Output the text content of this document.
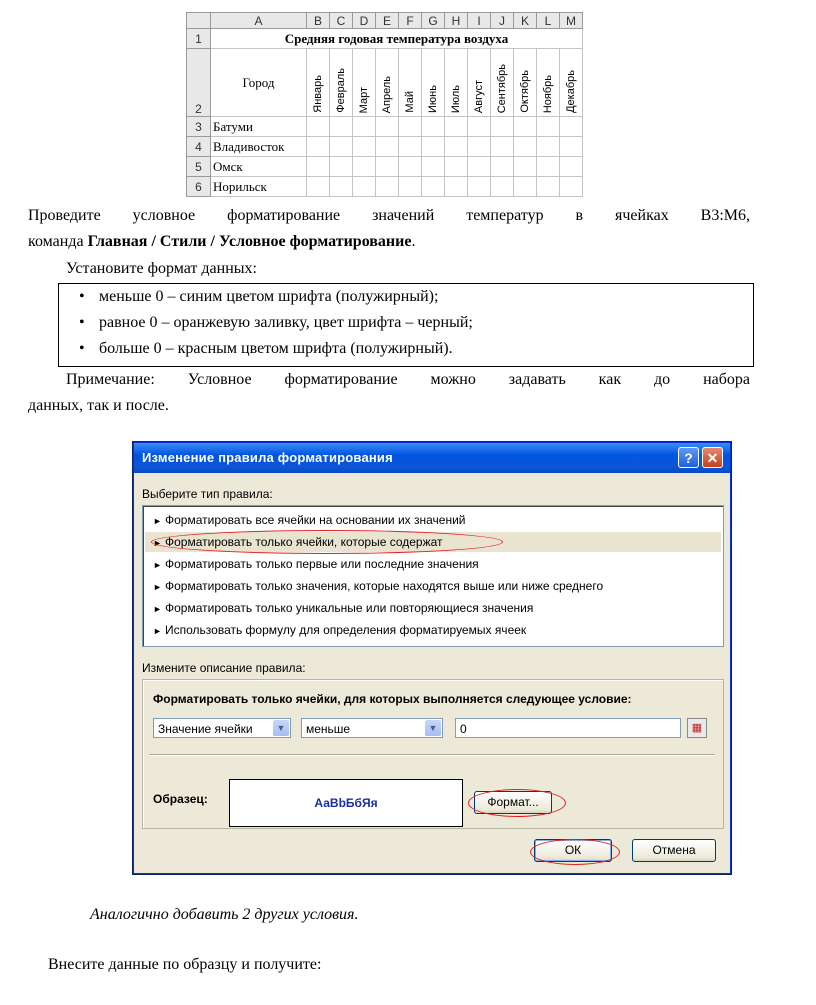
	A	B	C	D	E	F	G	H	I	J	K	L	M
1	Средняя годовая температура воздуха												
2	Город	Январь	Февраль	Март	Апрель	Май	Июнь	Июль	Август	Сентябрь	Октябрь	Ноябрь	Декабрь

3	Батуми												
4	Владивосток												
5	Омск												
6	Норильск												
Проведите условное форматирование значений температур в ячейках B3:M6,
команда Главная / Стили / Условное форматирование.
Установите формат данных:
• меньше 0 – синим цветом шрифта (полужирный);
• равное 0 – оранжевую заливку, цвет шрифта – черный;
• больше 0 – красным цветом шрифта (полужирный).
Примечание: Условное форматирование можно задавать как до набора
данных, так и после.
Изменение правила форматирования	? ✕
Выберите тип правила:
► Форматировать все ячейки на основании их значений
► Форматировать только ячейки, которые содержат
► Форматировать только первые или последние значения
► Форматировать только значения, которые находятся выше или ниже среднего
► Форматировать только уникальные или повторяющиеся значения
► Использовать формулу для определения форматируемых ячеек
Измените описание правила:
Форматировать только ячейки, для которых выполняется следующее условие:
Значение ячейки	▼	меньше	▼	0	▦
Образец:	АаВbБбЯя	Формат...
ОК	Отмена
Аналогично добавить 2 других условия.
Внесите данные по образцу и получите:
